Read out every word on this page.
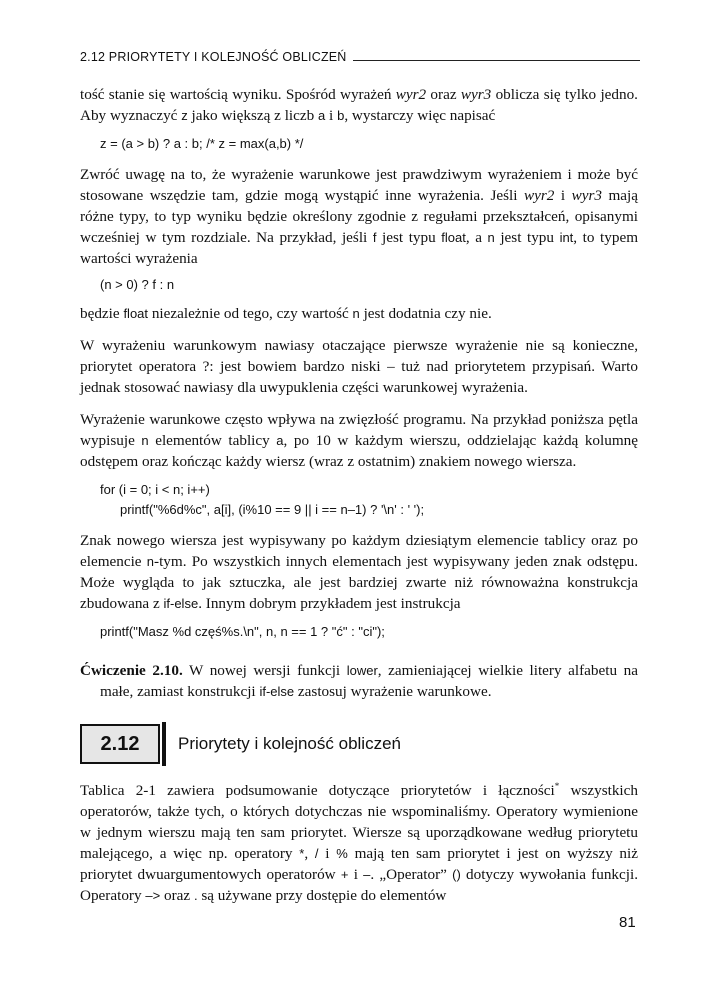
2.12 PRIORYTETY I KOLEJNOŚĆ OBLICZEŃ

tość stanie się wartością wyniku. Spośród wyrażeń wyr2 oraz wyr3 oblicza się tylko jedno. Aby wyznaczyć z jako większą z liczb a i b, wystarczy więc napisać

z = (a > b) ? a : b; /* z = max(a,b) */

Zwróć uwagę na to, że wyrażenie warunkowe jest prawdziwym wyrażeniem i może być stosowane wszędzie tam, gdzie mogą wystąpić inne wyrażenia. Jeśli wyr2 i wyr3 mają różne typy, to typ wyniku będzie określony zgodnie z regułami przekształceń, opisanymi wcześniej w tym rozdziale. Na przykład, jeśli f jest typu float, a n jest typu int, to typem wartości wyrażenia

(n > 0) ? f : n

będzie float niezależnie od tego, czy wartość n jest dodatnia czy nie.

W wyrażeniu warunkowym nawiasy otaczające pierwsze wyrażenie nie są konieczne, priorytet operatora ?: jest bowiem bardzo niski – tuż nad priorytetem przypisań. Warto jednak stosować nawiasy dla uwypuklenia części warunkowej wyrażenia.

Wyrażenie warunkowe często wpływa na zwięzłość programu. Na przykład poniższa pętla wypisuje n elementów tablicy a, po 10 w każdym wierszu, oddzielając każdą kolumnę odstępem oraz kończąc każdy wiersz (wraz z ostatnim) znakiem nowego wiersza.

for (i = 0; i < n; i++)
printf("%6d%c", a[i], (i%10 == 9 || i == n–1) ? '\n' : ' ');

Znak nowego wiersza jest wypisywany po każdym dziesiątym elemencie tablicy oraz po elemencie n-tym. Po wszystkich innych elementach jest wypisywany jeden znak odstępu. Może wygląda to jak sztuczka, ale jest bardziej zwarte niż równoważna konstrukcja zbudowana z if-else. Innym dobrym przykładem jest instrukcja

printf("Masz %d częś%s.\n", n, n == 1 ? "ć" : "ci");

Ćwiczenie 2.10. W nowej wersji funkcji lower, zamieniającej wielkie litery alfabetu na małe, zamiast konstrukcji if-else zastosuj wyrażenie warunkowe.

2.12 Priorytety i kolejność obliczeń

Tablica 2-1 zawiera podsumowanie dotyczące priorytetów i łączności* wszystkich operatorów, także tych, o których dotychczas nie wspominaliśmy. Operatory wymienione w jednym wierszu mają ten sam priorytet. Wiersze są uporządkowane według priorytetu malejącego, a więc np. operatory *, / i % mają ten sam priorytet i jest on wyższy niż priorytet dwuargumentowych operatorów + i –. „Operator” () dotyczy wywołania funkcji. Operatory –> oraz . są używane przy dostępie do elementów

81
